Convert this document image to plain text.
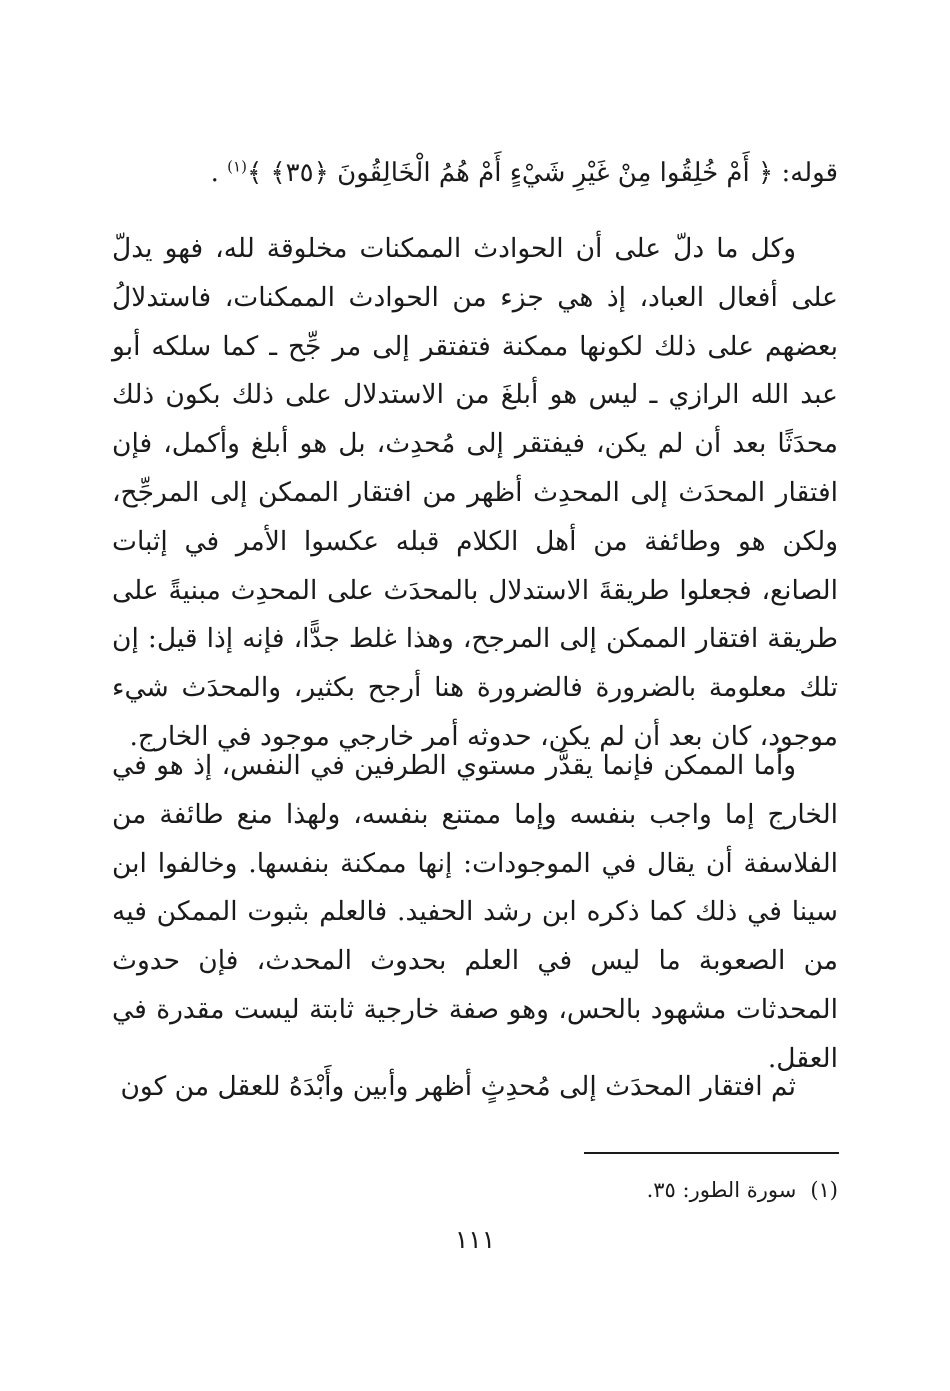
قوله: ﴿ أَمْ خُلِقُوا مِنْ غَيْرِ شَيْءٍ أَمْ هُمُ الْخَالِقُونَ ﴿٣٥﴾ ﴾$^{(١)}$ .

وكل ما دلّ على أن الحوادث الممكنات مخلوقة لله، فهو يدلّ على أفعال العباد، إذ هي جزء من الحوادث الممكنات، فاستدلالُ بعضهم على ذلك لكونها ممكنة فتفتقر إلى مر جِّح ـ كما سلكه أبو عبد الله الرازي ـ ليس هو أبلغَ من الاستدلال على ذلك بكون ذلك محدَثًا بعد أن لم يكن، فيفتقر إلى مُحدِث، بل هو أبلغ وأكمل، فإن افتقار المحدَث إلى المحدِث أظهر من افتقار الممكن إلى المرجِّح، ولكن هو وطائفة من أهل الكلام قبله عكسوا الأمر في إثبات الصانع، فجعلوا طريقةَ الاستدلال بالمحدَث على المحدِث مبنيةً على طريقة افتقار الممكن إلى المرجح، وهذا غلط جدًّا، فإنه إذا قيل: إن تلك معلومة بالضرورة فالضرورة هنا أرجح بكثير، والمحدَث شيء موجود، كان بعد أن لم يكن، حدوثه أمر خارجي موجود في الخارج.

وأما الممكن فإنما يقدَّر مستوي الطرفين في النفس، إذ هو في الخارج إما واجب بنفسه وإما ممتنع بنفسه، ولهذا منع طائفة من الفلاسفة أن يقال في الموجودات: إنها ممكنة بنفسها. وخالفوا ابن سينا في ذلك كما ذكره ابن رشد الحفيد. فالعلم بثبوت الممكن فيه من الصعوبة ما ليس في العلم بحدوث المحدث، فإن حدوث المحدثات مشهود بالحس، وهو صفة خارجية ثابتة ليست مقدرة في العقل.

ثم افتقار المحدَث إلى مُحدِثٍ أظهر وأبين وأَبْدَهُ للعقل من كون

(١)سورة الطور: ٣٥.
١١١
